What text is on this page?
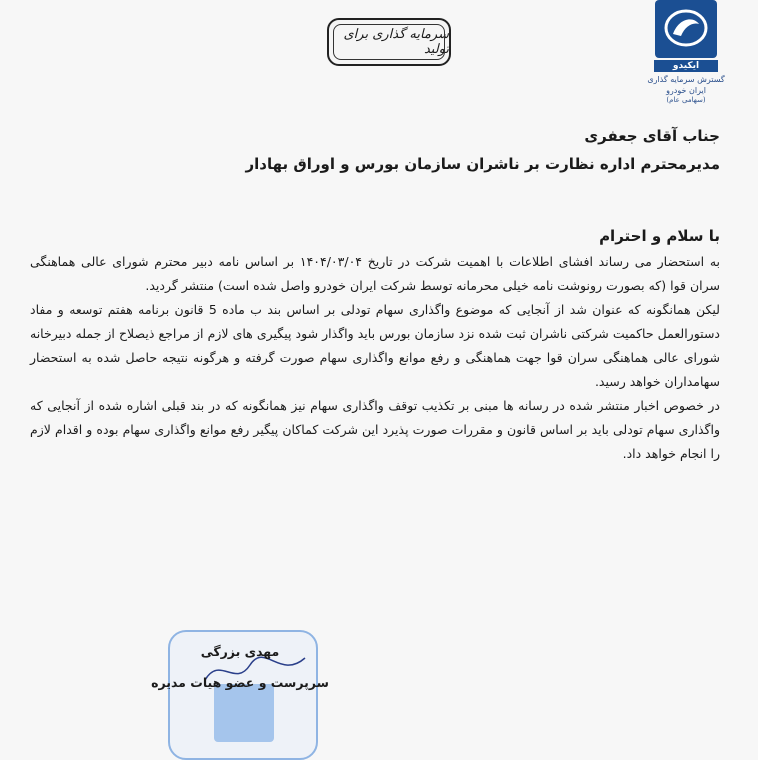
ایکیدو
گسترش سرمایه گذاری ایران خودرو
(سهامی عام)
سرمایه گذاری برای تولید
جناب آقای جعفری
مدیرمحترم اداره نظارت بر ناشران سازمان بورس و اوراق بهادار
با سلام و احترام

به استحضار می رساند افشای اطلاعات با اهمیت شرکت در تاریخ ۱۴۰۴/۰۳/۰۴ بر اساس نامه دبیر محترم شورای عالی هماهنگی سران قوا (که بصورت رونوشت نامه خیلی محرمانه توسط شرکت ایران خودرو واصل شده است) منتشر گردید.

لیکن همانگونه که عنوان شد از آنجایی که موضوع واگذاری سهام تودلی بر اساس بند ب ماده 5 قانون برنامه هفتم توسعه و مفاد دستورالعمل حاکمیت شرکتی ناشران ثبت شده نزد سازمان بورس باید واگذار شود پیگیری های لازم از مراجع ذیصلاح از جمله دبیرخانه شورای عالی هماهنگی سران قوا جهت هماهنگی و رفع موانع واگذاری سهام صورت گرفته و هرگونه نتیجه حاصل شده به استحضار سهامداران خواهد رسید.

در خصوص اخبار منتشر شده در رسانه ها مبنی بر تکذیب توقف واگذاری سهام نیز همانگونه که در بند قبلی اشاره شده از آنجایی که واگذاری سهام تودلی باید بر اساس قانون و مقررات صورت پذیرد این شرکت کماکان پیگیر رفع موانع واگذاری سهام بوده و اقدام لازم را انجام خواهد داد.

مهدی بزرگی
سرپرست و عضو هیات مدیره
